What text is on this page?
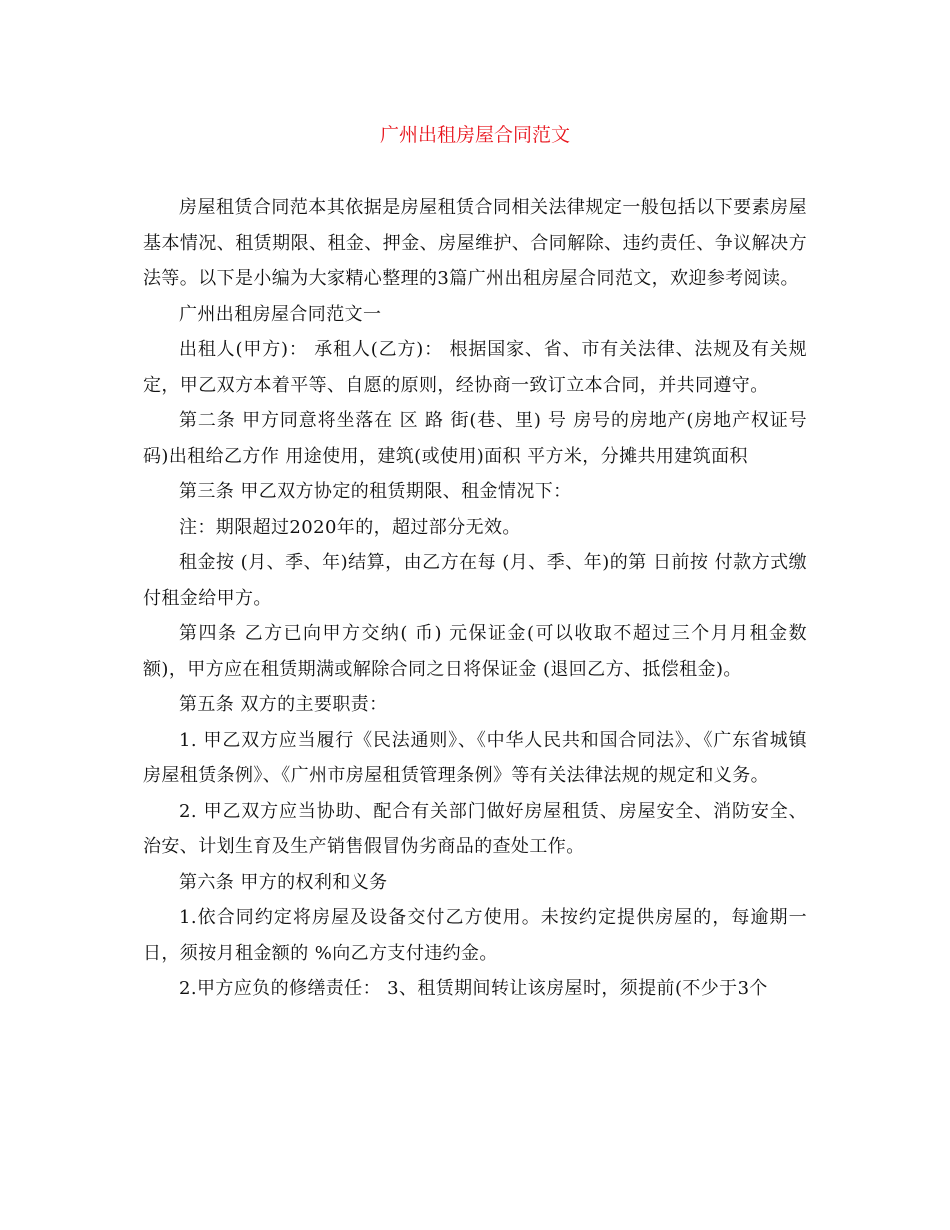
广州出租房屋合同范文

房屋租赁合同范本其依据是房屋租赁合同相关法律规定一般包括以下要素房屋基本情况、租赁期限、租金、押金、房屋维护、合同解除、违约责任、争议解决方法等。以下是小编为大家精心整理的3篇广州出租房屋合同范文，欢迎参考阅读。

广州出租房屋合同范文一

出租人(甲方)： 承租人(乙方)： 根据国家、省、市有关法律、法规及有关规定，甲乙双方本着平等、自愿的原则，经协商一致订立本合同，并共同遵守。

第二条 甲方同意将坐落在 区 路 街(巷、里) 号 房号的房地产(房地产权证号码)出租给乙方作 用途使用，建筑(或使用)面积 平方米，分摊共用建筑面积

第三条 甲乙双方协定的租赁期限、租金情况下：

注：期限超过2020年的，超过部分无效。

租金按 (月、季、年)结算，由乙方在每 (月、季、年)的第 日前按 付款方式缴付租金给甲方。

第四条 乙方已向甲方交纳( 币) 元保证金(可以收取不超过三个月月租金数额)，甲方应在租赁期满或解除合同之日将保证金 (退回乙方、抵偿租金)。

第五条 双方的主要职责：

1. 甲乙双方应当履行《民法通则》、《中华人民共和国合同法》、《广东省城镇房屋租赁条例》、《广州市房屋租赁管理条例》等有关法律法规的规定和义务。

2. 甲乙双方应当协助、配合有关部门做好房屋租赁、房屋安全、消防安全、治安、计划生育及生产销售假冒伪劣商品的查处工作。

第六条 甲方的权利和义务

1.依合同约定将房屋及设备交付乙方使用。未按约定提供房屋的，每逾期一日，须按月租金额的 %向乙方支付违约金。

2.甲方应负的修缮责任： 3、租赁期间转让该房屋时，须提前(不少于3个
